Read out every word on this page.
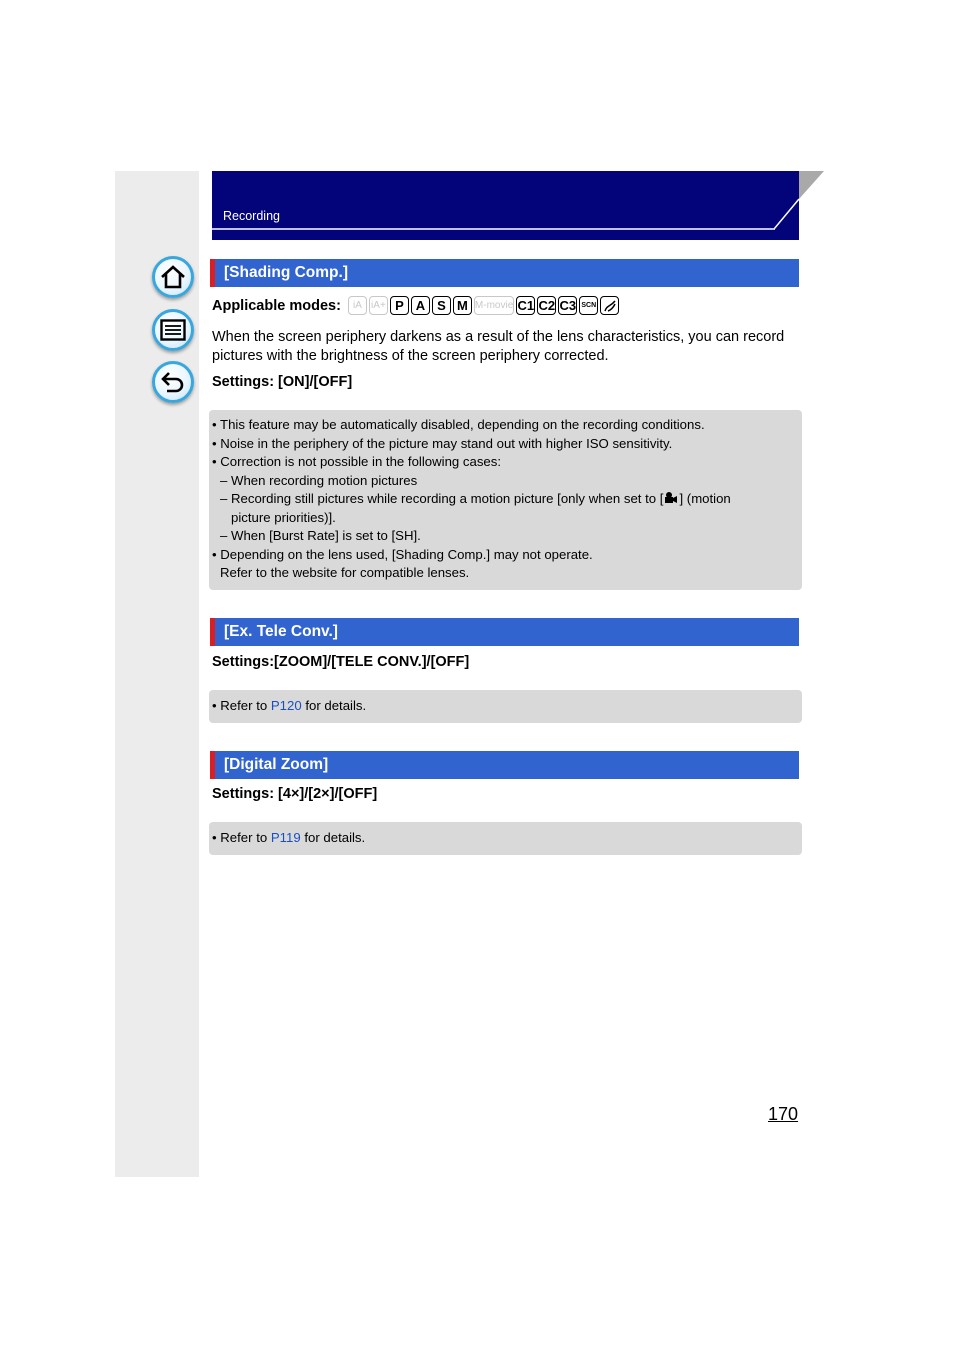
Recording
[Shading Comp.]
Applicable modes:	iA iA+ P A S M M-movie C1 C2 C3 SCN
When the screen periphery darkens as a result of the lens characteristics, you can record
pictures with the brightness of the screen periphery corrected.
Settings: [ON]/[OFF]
• This feature may be automatically disabled, depending on the recording conditions.
• Noise in the periphery of the picture may stand out with higher ISO sensitivity.
• Correction is not possible in the following cases:
– When recording motion pictures
– Recording still pictures while recording a motion picture [only when set to [ ] (motion
picture priorities)].
– When [Burst Rate] is set to [SH].
• Depending on the lens used, [Shading Comp.] may not operate.
Refer to the website for compatible lenses.
[Ex. Tele Conv.]
Settings:[ZOOM]/[TELE CONV.]/[OFF]
• Refer to P120 for details.
[Digital Zoom]
Settings: [4×]/[2×]/[OFF]
• Refer to P119 for details.
170
